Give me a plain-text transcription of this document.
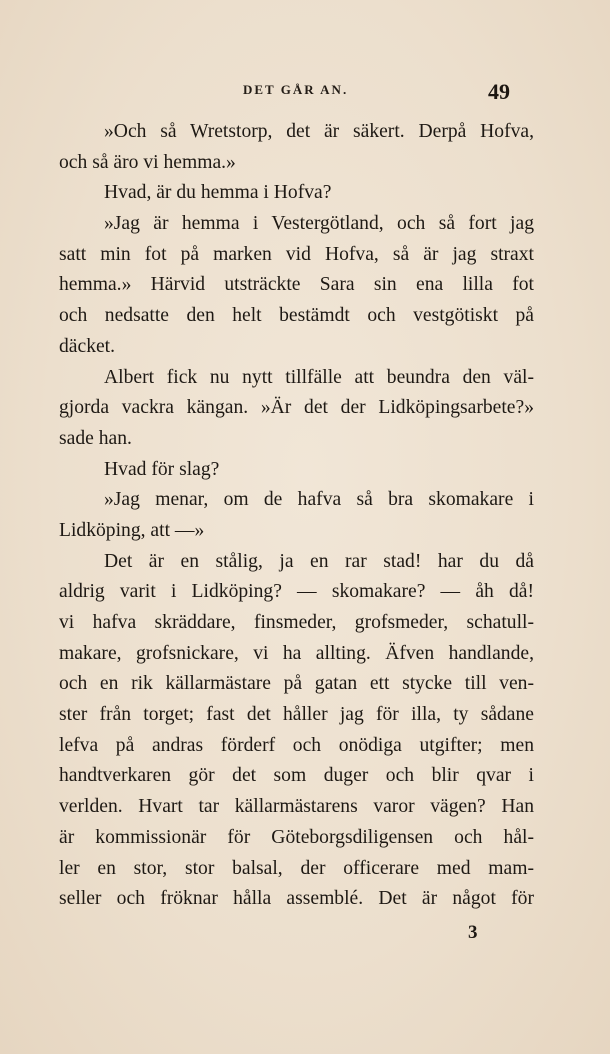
DET GÅR AN.	49
»Och så Wretstorp, det är säkert. Derpå Hofva,
och så äro vi hemma.»
Hvad, är du hemma i Hofva?
»Jag är hemma i Vestergötland, och så fort jag
satt min fot på marken vid Hofva, så är jag straxt
hemma.» Härvid utsträckte Sara sin ena lilla fot
och nedsatte den helt bestämdt och vestgötiskt på
däcket.
Albert fick nu nytt tillfälle att beundra den väl-
gjorda vackra kängan. »Är det der Lidköpingsarbete?»
sade han.
Hvad för slag?
»Jag menar, om de hafva så bra skomakare i
Lidköping, att —»
Det är en stålig, ja en rar stad! har du då
aldrig varit i Lidköping? — skomakare? — åh då!
vi hafva skräddare, finsmeder, grofsmeder, schatull-
makare, grofsnickare, vi ha allting. Äfven handlande,
och en rik källarmästare på gatan ett stycke till ven-
ster från torget; fast det håller jag för illa, ty sådane
lefva på andras förderf och onödiga utgifter; men
handtverkaren gör det som duger och blir qvar i
verlden. Hvart tar källarmästarens varor vägen? Han
är kommissionär för Göteborgsdiligensen och hål-
ler en stor, stor balsal, der officerare med mam-
seller och fröknar hålla assemblé. Det är något för
3
